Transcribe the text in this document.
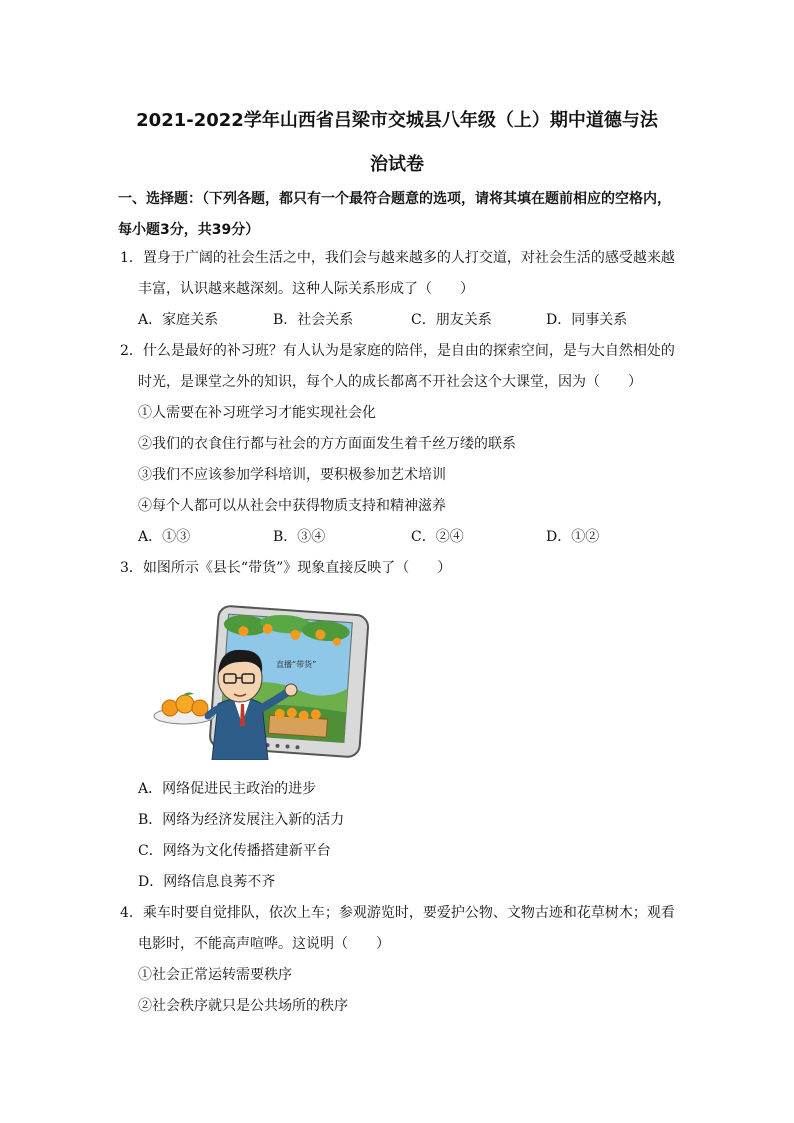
2021-2022学年山西省吕梁市交城县八年级（上）期中道德与法
治试卷
一、选择题：（下列各题，都只有一个最符合题意的选项，请将其填在题前相应的空格内，
每小题3分，共39分）
1．置身于广阔的社会生活之中，我们会与越来越多的人打交道，对社会生活的感受越来越
丰富，认识越来越深刻。这种人际关系形成了（　　）
A．家庭关系	B．社会关系	C．朋友关系	D．同事关系
2．什么是最好的补习班？有人认为是家庭的陪伴，是自由的探索空间，是与大自然相处的
时光，是课堂之外的知识，每个人的成长都离不开社会这个大课堂，因为（　　）
①人需要在补习班学习才能实现社会化
②我们的衣食住行都与社会的方方面面发生着千丝万缕的联系
③我们不应该参加学科培训，要积极参加艺术培训
④每个人都可以从社会中获得物质支持和精神滋养
A．①③	B．③④	C．②④	D．①②
3．如图所示《县长“带货”》现象直接反映了（　　）
直播“带货”
A．网络促进民主政治的进步
B．网络为经济发展注入新的活力
C．网络为文化传播搭建新平台
D．网络信息良莠不齐
4．乘车时要自觉排队，依次上车；参观游览时，要爱护公物、文物古迹和花草树木；观看
电影时，不能高声喧哗。这说明（　　）
①社会正常运转需要秩序
②社会秩序就只是公共场所的秩序
